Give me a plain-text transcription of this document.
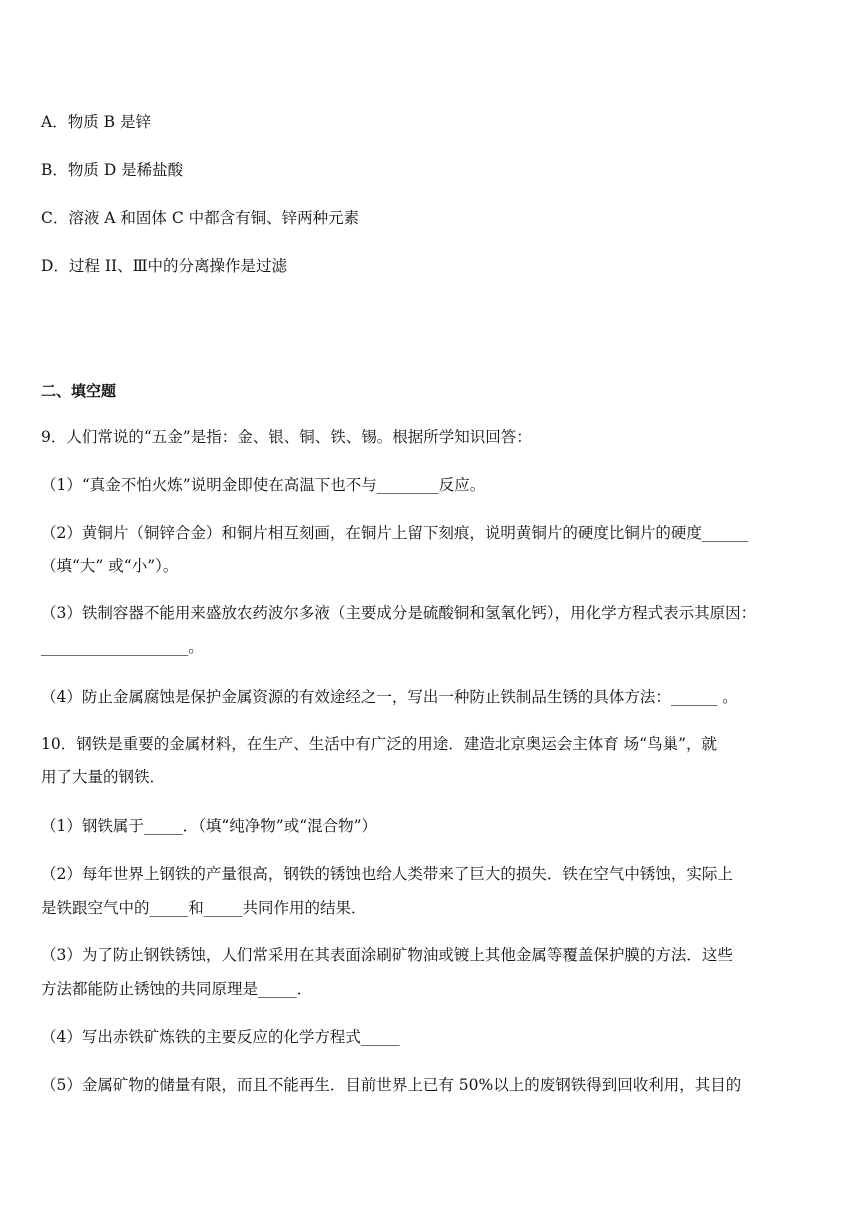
A．物质 B 是锌
B．物质 D 是稀盐酸
C．溶液 A 和固体 C 中都含有铜、锌两种元素
D．过程 II、Ⅲ中的分离操作是过滤
二、填空题
9．人们常说的“五金”是指：金、银、铜、铁、锡。根据所学知识回答：
（1）“真金不怕火炼”说明金即使在高温下也不与________反应。
（2）黄铜片（铜锌合金）和铜片相互刻画，在铜片上留下刻痕，说明黄铜片的硬度比铜片的硬度______
（填“大” 或“小”）。
（3）铁制容器不能用来盛放农药波尔多液（主要成分是硫酸铜和氢氧化钙），用化学方程式表示其原因：
___________________。
（4）防止金属腐蚀是保护金属资源的有效途经之一，写出一种防止铁制品生锈的具体方法：______ 。
10．钢铁是重要的金属材料，在生产、生活中有广泛的用途．建造北京奥运会主体育 场“鸟巢”，就
用了大量的钢铁．
（1）钢铁属于_____．（填“纯净物”或“混合物”）
（2）每年世界上钢铁的产量很高，钢铁的锈蚀也给人类带来了巨大的损失．铁在空气中锈蚀，实际上
是铁跟空气中的_____和_____共同作用的结果．
（3）为了防止钢铁锈蚀，人们常采用在其表面涂刷矿物油或镀上其他金属等覆盖保护膜的方法．这些
方法都能防止锈蚀的共同原理是_____．
（4）写出赤铁矿炼铁的主要反应的化学方程式_____
（5）金属矿物的储量有限，而且不能再生．目前世界上已有 50%以上的废钢铁得到回收利用，其目的
